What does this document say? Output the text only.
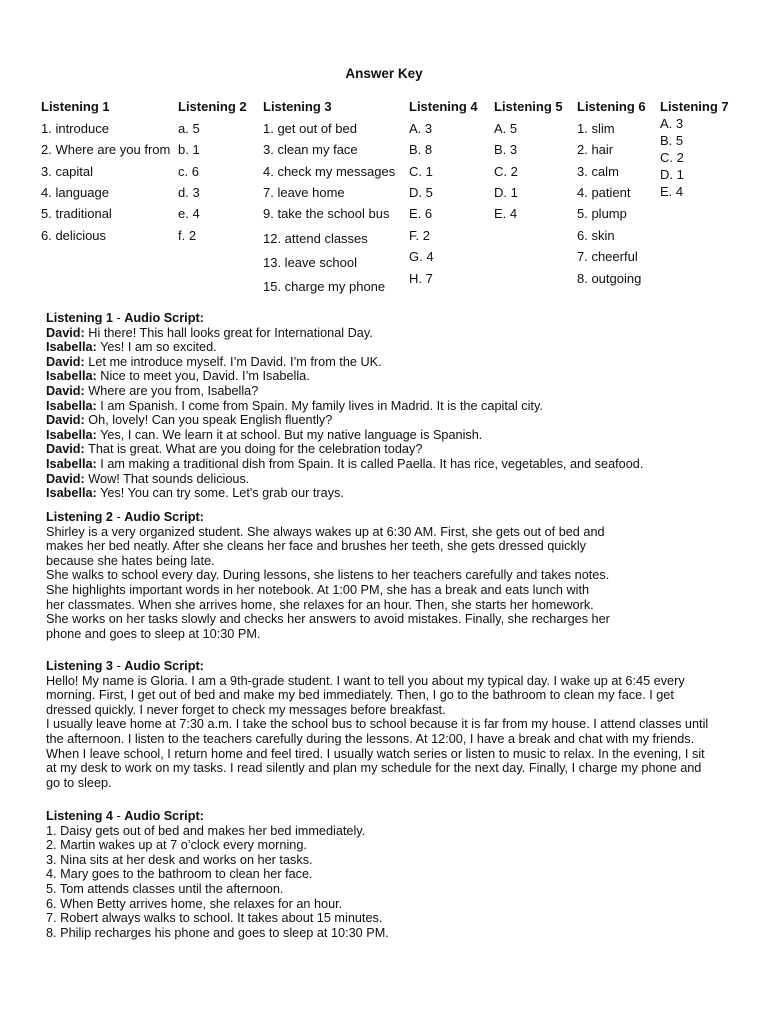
Answer Key
Listening 1
1. introduce
2. Where are you from
3. capital
4. language
5. traditional
6. delicious
Listening 2
a. 5
b. 1
c. 6
d. 3
e. 4
f. 2
Listening 3
1. get out of bed
3. clean my face
4. check my messages
7. leave home
9. take the school bus
12. attend classes
13. leave school
15. charge my phone
Listening 4
A. 3
B. 8
C. 1
D. 5
E. 6
F. 2
G. 4
H. 7
Listening 5
A. 5
B. 3
C. 2
D. 1
E. 4
Listening 6
1. slim
2. hair
3. calm
4. patient
5. plump
6. skin
7. cheerful
8. outgoing
Listening 7
A. 3
B. 5
C. 2
D. 1
E. 4
Listening 1 - Audio Script:
David: Hi there! This hall looks great for International Day.
Isabella: Yes! I am so excited.
David: Let me introduce myself. I’m David. I’m from the UK.
Isabella: Nice to meet you, David. I’m Isabella.
David: Where are you from, Isabella?
Isabella: I am Spanish. I come from Spain. My family lives in Madrid. It is the capital city.
David: Oh, lovely! Can you speak English fluently?
Isabella: Yes, I can. We learn it at school. But my native language is Spanish.
David: That is great. What are you doing for the celebration today?
Isabella: I am making a traditional dish from Spain. It is called Paella. It has rice, vegetables, and seafood.
David: Wow! That sounds delicious.
Isabella: Yes! You can try some. Let's grab our trays.
Listening 2 - Audio Script:
Shirley is a very organized student. She always wakes up at 6:30 AM. First, she gets out of bed and
makes her bed neatly. After she cleans her face and brushes her teeth, she gets dressed quickly
because she hates being late.
She walks to school every day. During lessons, she listens to her teachers carefully and takes notes.
She highlights important words in her notebook. At 1:00 PM, she has a break and eats lunch with
her classmates. When she arrives home, she relaxes for an hour. Then, she starts her homework.
She works on her tasks slowly and checks her answers to avoid mistakes. Finally, she recharges her
phone and goes to sleep at 10:30 PM.
Listening 3 - Audio Script:
Hello! My name is Gloria. I am a 9th-grade student. I want to tell you about my typical day. I wake up at 6:45 every
morning. First, I get out of bed and make my bed immediately. Then, I go to the bathroom to clean my face. I get
dressed quickly. I never forget to check my messages before breakfast.
I usually leave home at 7:30 a.m. I take the school bus to school because it is far from my house. I attend classes until
the afternoon. I listen to the teachers carefully during the lessons. At 12:00, I have a break and chat with my friends.
When I leave school, I return home and feel tired. I usually watch series or listen to music to relax. In the evening, I sit
at my desk to work on my tasks. I read silently and plan my schedule for the next day. Finally, I charge my phone and
go to sleep.
Listening 4 - Audio Script:
1. Daisy gets out of bed and makes her bed immediately.
2. Martin wakes up at 7 o’clock every morning.
3. Nina sits at her desk and works on her tasks.
4. Mary goes to the bathroom to clean her face.
5. Tom attends classes until the afternoon.
6. When Betty arrives home, she relaxes for an hour.
7. Robert always walks to school. It takes about 15 minutes.
8. Philip recharges his phone and goes to sleep at 10:30 PM.
